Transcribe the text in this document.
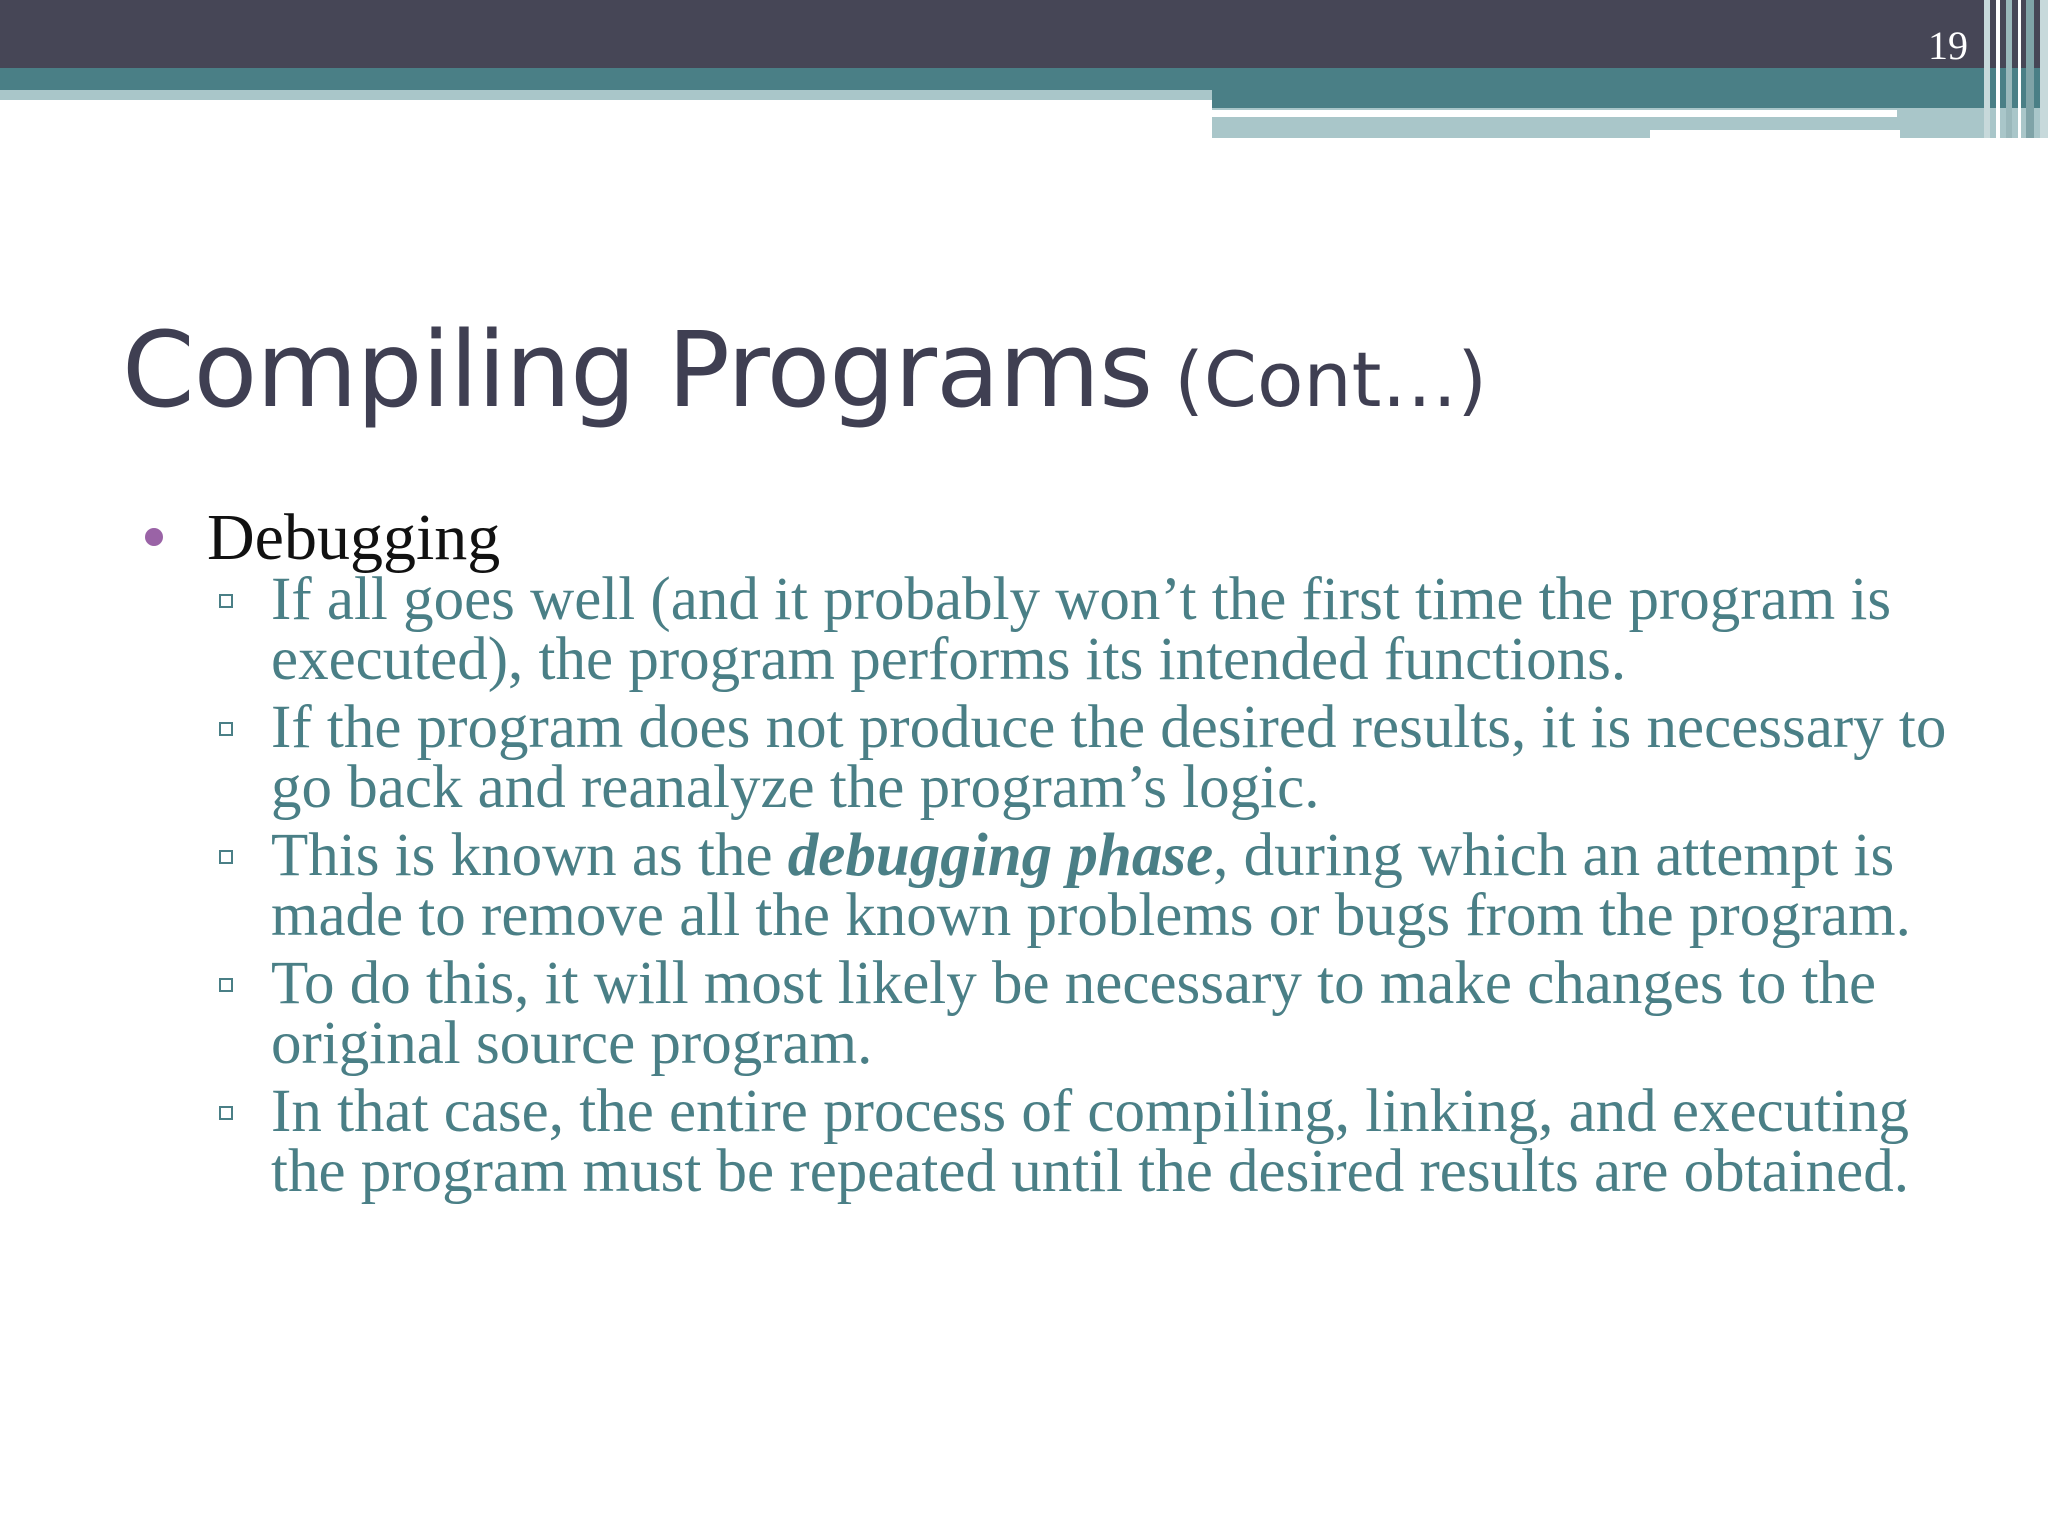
19
Compiling Programs (Cont…)
Debugging
If all goes well (and it probably won’t the first time the program is executed), the program performs its intended functions.
If the program does not produce the desired results, it is necessary to go back and reanalyze the program’s logic.
This is known as the debugging phase, during which an attempt is made to remove all the known problems or bugs from the program.
To do this, it will most likely be necessary to make changes to the original source program.
In that case, the entire process of compiling, linking, and executing the program must be repeated until the desired results are obtained.
